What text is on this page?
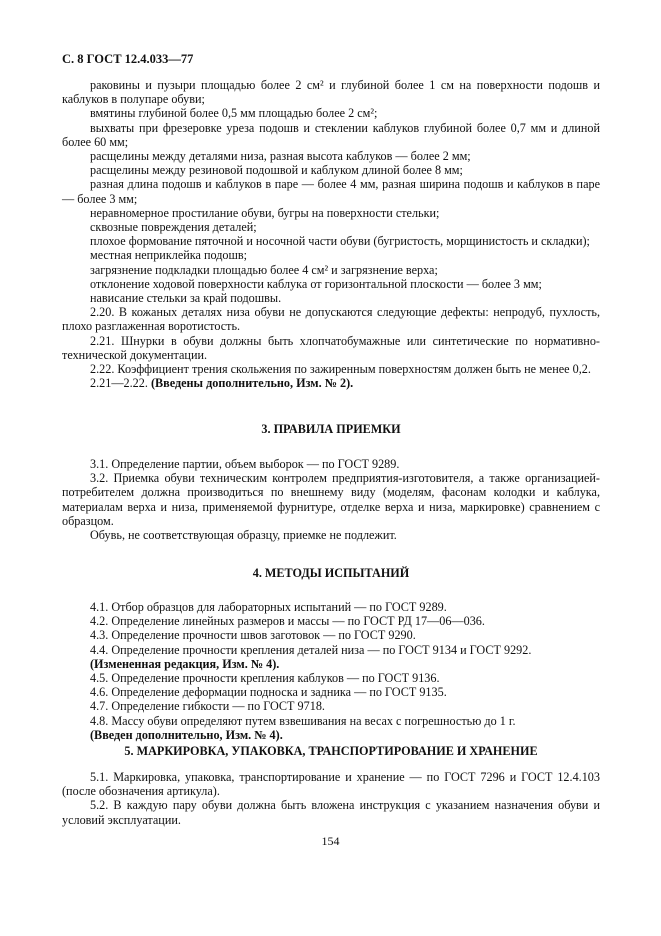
С. 8 ГОСТ 12.4.033—77

раковины и пузыри площадью более 2 см² и глубиной более 1 см на поверхности подошв и каблуков в полупаре обуви;

вмятины глубиной более 0,5 мм площадью более 2 см²;

выхваты при фрезеровке уреза подошв и стеклении каблуков глубиной более 0,7 мм и длиной более 60 мм;

расщелины между деталями низа, разная высота каблуков — более 2 мм;

расщелины между резиновой подошвой и каблуком длиной более 8 мм;

разная длина подошв и каблуков в паре — более 4 мм, разная ширина подошв и каблуков в паре — более 3 мм;

неравномерное простилание обуви, бугры на поверхности стельки;

сквозные повреждения деталей;

плохое формование пяточной и носочной части обуви (бугристость, морщинистость и складки);

местная неприклейка подошв;

загрязнение подкладки площадью более 4 см² и загрязнение верха;

отклонение ходовой поверхности каблука от горизонтальной плоскости — более 3 мм;

нависание стельки за край подошвы.

2.20. В кожаных деталях низа обуви не допускаются следующие дефекты: непродуб, пухлость, плохо разглаженная воротистость.

2.21. Шнурки в обуви должны быть хлопчатобумажные или синтетические по нормативно-технической документации.

2.22. Коэффициент трения скольжения по зажиренным поверхностям должен быть не менее 0,2.

2.21—2.22. (Введены дополнительно, Изм. № 2).

3. ПРАВИЛА ПРИЕМКИ

3.1. Определение партии, объем выборок — по ГОСТ 9289.

3.2. Приемка обуви техническим контролем предприятия-изготовителя, а также организацией-потребителем должна производиться по внешнему виду (моделям, фасонам колодки и каблука, материалам верха и низа, применяемой фурнитуре, отделке верха и низа, маркировке) сравнением с образцом.

Обувь, не соответствующая образцу, приемке не подлежит.

4. МЕТОДЫ ИСПЫТАНИЙ

4.1. Отбор образцов для лабораторных испытаний — по ГОСТ 9289.

4.2. Определение линейных размеров и массы — по ГОСТ РД 17—06—036.

4.3. Определение прочности швов заготовок — по ГОСТ 9290.

4.4. Определение прочности крепления деталей низа — по ГОСТ 9134 и ГОСТ 9292.

(Измененная редакция, Изм. № 4).

4.5. Определение прочности крепления каблуков — по ГОСТ 9136.

4.6. Определение деформации подноска и задника — по ГОСТ 9135.

4.7. Определение гибкости — по ГОСТ 9718.

4.8. Массу обуви определяют путем взвешивания на весах с погрешностью до 1 г.

(Введен дополнительно, Изм. № 4).

5. МАРКИРОВКА, УПАКОВКА, ТРАНСПОРТИРОВАНИЕ И ХРАНЕНИЕ

5.1. Маркировка, упаковка, транспортирование и хранение — по ГОСТ 7296 и ГОСТ 12.4.103 (после обозначения артикула).

5.2. В каждую пару обуви должна быть вложена инструкция с указанием назначения обуви и условий эксплуатации.

154
